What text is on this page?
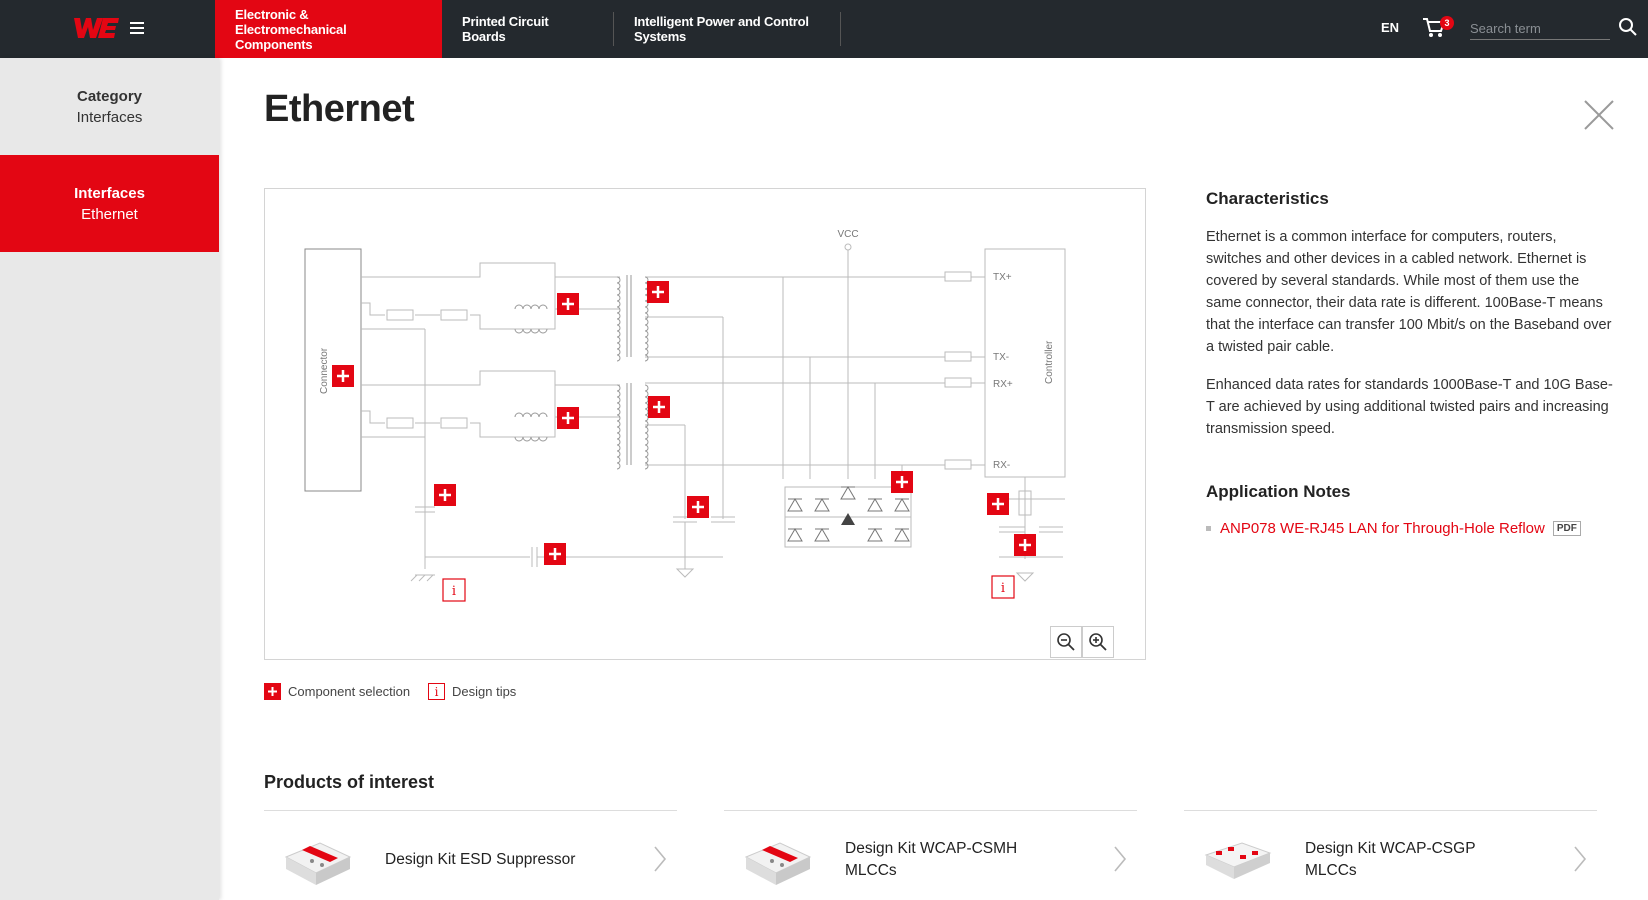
Electronic & Electromechanical
Components
Printed Circuit Boards
Intelligent Power and Control
Systems
EN	3
Search term
Category
Interfaces
Interfaces
Ethernet
Ethernet
VCC
Connector	Controller
TX+
TX-
RX+
RX-
i	i
Component selection	i	Design tips
Characteristics

Ethernet is a common interface for computers, routers, switches and other devices in a cabled network. Ethernet is covered by several standards. While most of them use the same connector, their data rate is different. 100Base-T means that the interface can transfer 100 Mbit/s on the Baseband over a twisted pair cable.

Enhanced data rates for standards 1000Base-T and 10G Base-T are achieved by using additional twisted pairs and increasing transmission speed.

Application Notes
ANP078 WE-RJ45 LAN for Through-Hole Reflow	PDF
Products of interest
Design Kit ESD Suppressor
Design Kit WCAP-CSMH
MLCCs
Design Kit WCAP-CSGP
MLCCs
